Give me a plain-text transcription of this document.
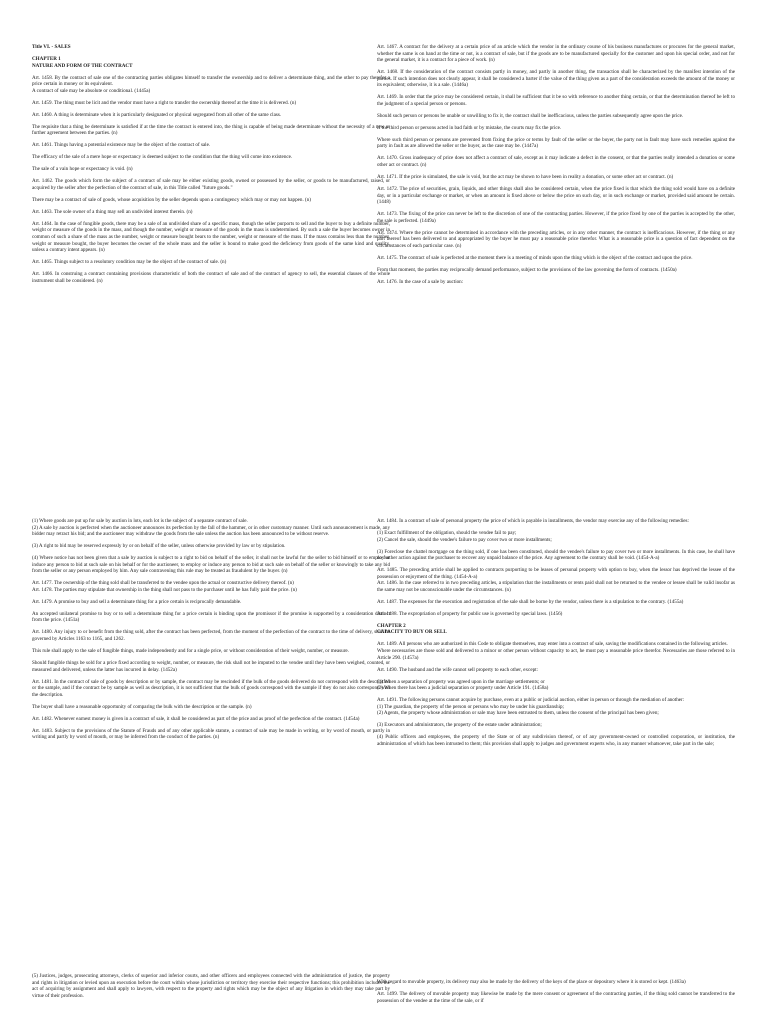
Title VI. - SALES

CHAPTER 1
NATURE AND FORM OF THE CONTRACT

Art. 1458. By the contract of sale one of the contracting parties obligates himself to transfer the ownership and to deliver a determinate thing, and the other to pay therefor a price certain in money or its equivalent.
A contract of sale may be absolute or conditional. (1445a)

Art. 1459. The thing must be licit and the vendor must have a right to transfer the ownership thereof at the time it is delivered. (n)

Art. 1460. A thing is determinate when it is particularly designated or physical segregated from all other of the same class.

The requisite that a thing be determinate is satisfied if at the time the contract is entered into, the thing is capable of being made determinate without the necessity of a new or further agreement between the parties. (n)

Art. 1461. Things having a potential existence may be the object of the contract of sale.

The efficacy of the sale of a mere hope or expectancy is deemed subject to the condition that the thing will come into existence.

The sale of a vain hope or expectancy is void. (n)

Art. 1462. The goods which form the subject of a contract of sale may be either existing goods, owned or possessed by the seller, or goods to be manufactured, raised, or acquired by the seller after the perfection of the contract of sale, in this Title called "future goods."

There may be a contract of sale of goods, whose acquisition by the seller depends upon a contingency which may or may not happen. (n)

Art. 1463. The sole owner of a thing may sell an undivided interest therein. (n)

Art. 1464. In the case of fungible goods, there may be a sale of an undivided share of a specific mass, though the seller purports to sell and the buyer to buy a definite number, weight or measure of the goods in the mass, and though the number, weight or measure of the goods in the mass is undetermined. By such a sale the buyer becomes owner in common of such a share of the mass as the number, weight or measure bought bears to the number, weight or measure of the mass. If the mass contains less than the number, weight or measure bought, the buyer becomes the owner of the whole mass and the seller is bound to make good the deficiency from goods of the same kind and quality, unless a contrary intent appears. (n)

Art. 1465. Things subject to a resolutory condition may be the object of the contract of sale. (n)

Art. 1466. In construing a contract containing provisions characteristic of both the contract of sale and of the contract of agency to sell, the essential clauses of the whole instrument shall be considered. (n)

Art. 1467. A contract for the delivery at a certain price of an article which the vendor in the ordinary course of his business manufactures or procures for the general market, whether the same is on hand at the time or not, is a contract of sale, but if the goods are to be manufactured specially for the customer and upon his special order, and not for the general market, it is a contract for a piece of work. (n)

Art. 1468. If the consideration of the contract consists partly in money, and partly in another thing, the transaction shall be characterized by the manifest intention of the parties. If such intention does not clearly appear, it shall be considered a barter if the value of the thing given as a part of the consideration exceeds the amount of the money or its equivalent; otherwise, it is a sale. (1446a)

Art. 1469. In order that the price may be considered certain, it shall be sufficient that it be so with reference to another thing certain, or that the determination thereof be left to the judgment of a special person or persons.

Should such person or persons be unable or unwilling to fix it, the contract shall be inefficacious, unless the parties subsequently agree upon the price.

If the third person or persons acted in bad faith or by mistake, the courts may fix the price.

Where such third person or persons are prevented from fixing the price or terms by fault of the seller or the buyer, the party not in fault may have such remedies against the party in fault as are allowed the seller or the buyer, as the case may be. (1447a)

Art. 1470. Gross inadequacy of price does not affect a contract of sale, except as it may indicate a defect in the consent, or that the parties really intended a donation or some other act or contract. (n)

Art. 1471. If the price is simulated, the sale is void, but the act may be shown to have been in reality a donation, or some other act or contract. (n)

Art. 1472. The price of securities, grain, liquids, and other things shall also be considered certain, when the price fixed is that which the thing sold would have on a definite day, or in a particular exchange or market, or when an amount is fixed above or below the price on such day, or in such exchange or market, provided said amount be certain. (1448)

Art. 1473. The fixing of the price can never be left to the discretion of one of the contracting parties. However, if the price fixed by one of the parties is accepted by the other, the sale is perfected. (1449a)

Art. 1474. Where the price cannot be determined in accordance with the preceding articles, or in any other manner, the contract is inefficacious. However, if the thing or any part thereof has been delivered to and appropriated by the buyer he must pay a reasonable price therefor. What is a reasonable price is a question of fact dependent on the circumstances of each particular case. (n)

Art. 1475. The contract of sale is perfected at the moment there is a meeting of minds upon the thing which is the object of the contract and upon the price.

From that moment, the parties may reciprocally demand performance, subject to the provisions of the law governing the form of contracts. (1450a)

Art. 1476. In the case of a sale by auction:

(1) Where goods are put up for sale by auction in lots, each lot is the subject of a separate contract of sale.
(2) A sale by auction is perfected when the auctioneer announces its perfection by the fall of the hammer, or in other customary manner. Until such announcement is made, any bidder may retract his bid; and the auctioneer may withdraw the goods from the sale unless the auction has been announced to be without reserve.

(3) A right to bid may be reserved expressly by or on behalf of the seller, unless otherwise provided by law or by stipulation.

(4) Where notice has not been given that a sale by auction is subject to a right to bid on behalf of the seller, it shall not be lawful for the seller to bid himself or to employ or induce any person to bid at such sale on his behalf or for the auctioneer, to employ or induce any person to bid at such sale on behalf of the seller or knowingly to take any bid from the seller or any person employed by him. Any sale contravening this rule may be treated as fraudulent by the buyer. (n)

Art. 1477. The ownership of the thing sold shall be transferred to the vendee upon the actual or constructive delivery thereof. (n)
Art. 1478. The parties may stipulate that ownership in the thing shall not pass to the purchaser until he has fully paid the price. (n)

Art. 1479. A promise to buy and sell a determinate thing for a price certain is reciprocally demandable.

An accepted unilateral promise to buy or to sell a determinate thing for a price certain is binding upon the promissor if the promise is supported by a consideration distinct from the price. (1451a)

Art. 1480. Any injury to or benefit from the thing sold, after the contract has been perfected, from the moment of the perfection of the contract to the time of delivery, shall be governed by Articles 1163 to 1165, and 1262.

This rule shall apply to the sale of fungible things, made independently and for a single price, or without consideration of their weight, number, or measure.

Should fungible things be sold for a price fixed according to weight, number, or measure, the risk shall not be imputed to the vendee until they have been weighed, counted, or measured and delivered, unless the latter has incurred in delay. (1452a)

Art. 1481. In the contract of sale of goods by description or by sample, the contract may be rescinded if the bulk of the goods delivered do not correspond with the description or the sample, and if the contract be by sample as well as description, it is not sufficient that the bulk of goods correspond with the sample if they do not also correspond with the description.

The buyer shall have a reasonable opportunity of comparing the bulk with the description or the sample. (n)

Art. 1482. Whenever earnest money is given in a contract of sale, it shall be considered as part of the price and as proof of the perfection of the contract. (1454a)

Art. 1483. Subject to the provisions of the Statute of Frauds and of any other applicable statute, a contract of sale may be made in writing, or by word of mouth, or partly in writing and partly by word of mouth, or may be inferred from the conduct of the parties. (n)

Art. 1484. In a contract of sale of personal property the price of which is payable in installments, the vendor may exercise any of the following remedies:

(1) Exact fulfillment of the obligation, should the vendee fail to pay;
(2) Cancel the sale, should the vendee's failure to pay cover two or more installments;

(3) Foreclose the chattel mortgage on the thing sold, if one has been constituted, should the vendee's failure to pay cover two or more installments. In this case, he shall have no further action against the purchaser to recover any unpaid balance of the price. Any agreement to the contrary shall be void. (1454-A-a)

Art. 1485. The preceding article shall be applied to contracts purporting to be leases of personal property with option to buy, when the lessor has deprived the lessee of the possession or enjoyment of the thing. (1454-A-a)
Art. 1486. In the case referred to in two preceding articles, a stipulation that the installments or rents paid shall not be returned to the vendee or lessee shall be valid insofar as the same may not be unconscionable under the circumstances. (n)

Art. 1487. The expenses for the execution and registration of the sale shall be borne by the vendor, unless there is a stipulation to the contrary. (1455a)

Art. 1488. The expropriation of property for public use is governed by special laws. (1456)

CHAPTER 2
CAPACITY TO BUY OR SELL

Art. 1489. All persons who are authorized in this Code to obligate themselves, may enter into a contract of sale, saving the modifications contained in the following articles.
Where necessaries are those sold and delivered to a minor or other person without capacity to act, he must pay a reasonable price therefor. Necessaries are those referred to in Article 290. (1457a)

Art. 1490. The husband and the wife cannot sell property to each other, except:

(1) When a separation of property was agreed upon in the marriage settlements; or
(2) When there has been a judicial separation or property under Article 191. (1458a)

Art. 1491. The following persons cannot acquire by purchase, even at a public or judicial auction, either in person or through the mediation of another:
(1) The guardian, the property of the person or persons who may be under his guardianship;
(2) Agents, the property whose administration or sale may have been entrusted to them, unless the consent of the principal has been given;

(3) Executors and administrators, the property of the estate under administration;

(4) Public officers and employees, the property of the State or of any subdivision thereof, or of any government-owned or controlled corporation, or institution, the administration of which has been intrusted to them; this provision shall apply to judges and government experts who, in any manner whatsoever, take part in the sale;

(5) Justices, judges, prosecuting attorneys, clerks of superior and inferior courts, and other officers and employees connected with the administration of justice, the property and rights in litigation or levied upon an execution before the court within whose jurisdiction or territory they exercise their respective functions; this prohibition includes the act of acquiring by assignment and shall apply to lawyers, with respect to the property and rights which may be the object of any litigation in which they may take part by virtue of their profession.

With regard to movable property, its delivery may also be made by the delivery of the keys of the place or depository where it is stored or kept. (1463a)

Art. 1499. The delivery of movable property may likewise be made by the mere consent or agreement of the contracting parties, if the thing sold cannot be transferred to the possession of the vendee at the time of the sale, or if
